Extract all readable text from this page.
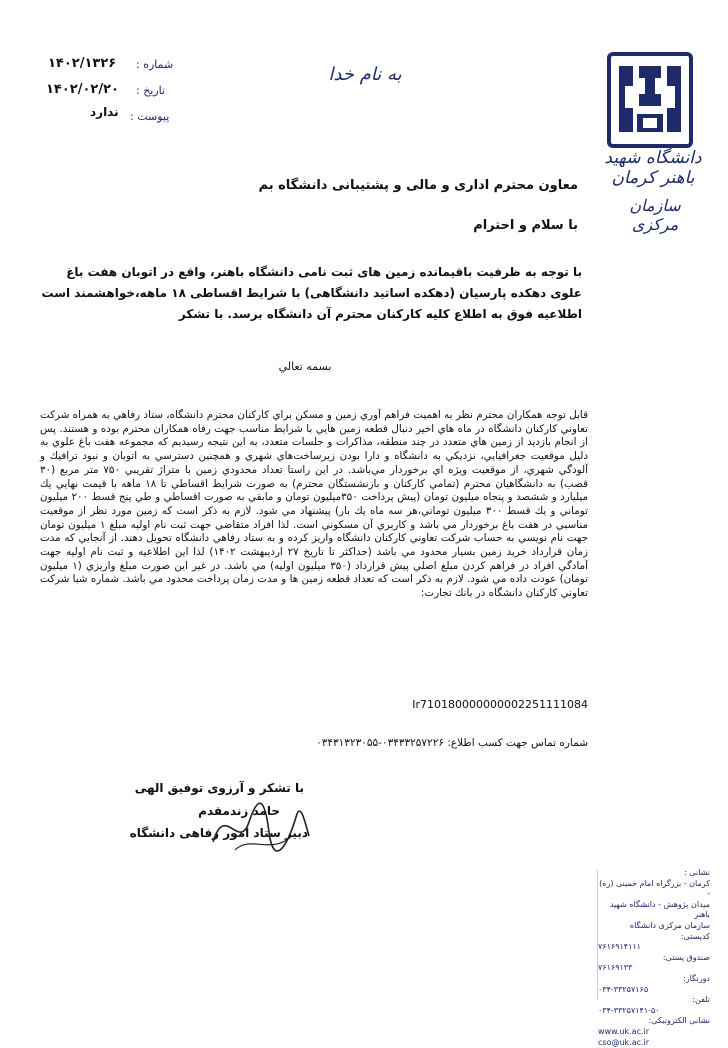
دانشگاه شهید باهنر کرمان
سازمان مرکزی
به نام خدا
شماره :
۱۴۰۲/۱۳۲۶
تاریخ :
۱۴۰۲/۰۲/۲۰
پیوست :
ندارد
معاون محترم اداری و مالی و پشتیبانی دانشگاه بم
با سلام و احترام
با توجه به ظرفیت باقیمانده زمین های ثبت نامی دانشگاه باهنر، واقع در اتوبان هفت باغ علوی دهکده پارسیان (دهکده اساتید دانشگاهی) با شرایط اقساطی ۱۸ ماهه،خواهشمند است اطلاعیه فوق به اطلاع کلیه کارکنان محترم آن دانشگاه برسد. با تشکر
بسمه تعالي
قابل توجه همكاران محترم نظر به اهميت فراهم آوري زمين و مسكن براي كاركنان محترم دانشگاه، ستاد رفاهي به همراه شركت تعاوني كاركنان دانشگاه در ماه هاي اخير دنبال قطعه زمين هايي با شرايط مناسب جهت رفاه همكاران محترم بوده و هستند. پس از انجام بازديد از زمين هاي متعدد در چند منطقه، مذاكرات و جلسات متعدد، به اين نتيجه رسيديم كه مجموعه هفت باغ علوي به دليل موقعيت جغرافيايي، نزديكي به دانشگاه و دارا بودن زيرساخت‌هاي شهري و همچنين دسترسي به اتوبان و نبود ترافيك و آلودگي شهري، از موقعيت ويژه اي برخوردار مي‌باشد. در اين راستا تعداد محدودي زمين با متراژ تقريبي ۷۵۰ متر مربع (۳۰ قصب) به دانشگاهيان محترم (تمامي كاركنان و بازنشستگان محترم) به صورت شرايط اقساطي تا ۱۸ ماهه با قيمت نهايي يك ميليارد و ششصد و پنجاه ميليون تومان (پيش پرداخت ۳۵۰ميليون تومان و مابقي به صورت اقساطي و طي پنج قسط ۲۰۰ ميليون توماني و يك قسط ۳۰۰ ميليون توماني،هر سه ماه يك بار) پيشنهاد مي شود. لازم به ذكر است كه زمين مورد نظر از موقعيت مناسبي در هفت باغ برخوردار مي باشد و كاربري آن مسكوني است. لذا افراد متقاضي جهت ثبت نام اوليه مبلغ ۱ ميليون تومان جهت نام نويسي به حساب شركت تعاوني كاركنان دانشگاه واريز كرده و به ستاد رفاهي دانشگاه تحويل دهند. از آنجايي كه مدت زمان قرارداد خريد زمين بسيار محدود مي باشد (حداكثر تا تاريخ ۲۷ ارديبهشت ۱۴۰۲) لذا اين اطلاعيه و ثبت نام اوليه جهت آمادگي افراد در فراهم كردن مبلغ اصلي پيش قرارداد (۳۵۰ ميليون اوليه) مي باشد. در غير اين صورت مبلغ واريزي (۱ ميليون تومان) عودت داده مي شود. لازم به ذكر است كه تعداد قطعه زمين ها و مدت زمان پرداخت محدود مي باشد. شماره شبا شركت تعاوني كاركنان دانشگاه در بانك تجارت:
Ir710180000000002251111084
شماره تماس جهت كسب اطلاع: ۰۳۴۳۳۲۵۷۲۲۶-۰۳۴۳۱۳۲۳۰۵۵
با تشکر و آرزوی توفیق الهی
حامد زندمقدم
دبیر ستاد امور رفاهی دانشگاه
نشانی :
کرمان - بزرگراه امام خمینی (ره) -
میدان پژوهش - دانشگاه شهید باهنر
سازمان مرکزی دانشگاه
کدپستی:
۷۶۱۶۹۱۴۱۱۱
صندوق پستی:
۷۶۱۶۹۱۳۳
دورنگار:
۰۳۴-۳۳۲۵۷۱۶۵
تلفن:
۰۳۴-۳۳۲۵۷۱۴۱-۵۰
نشانی الکترونیکی:
www.uk.ac.ir
cso@uk.ac.ir
